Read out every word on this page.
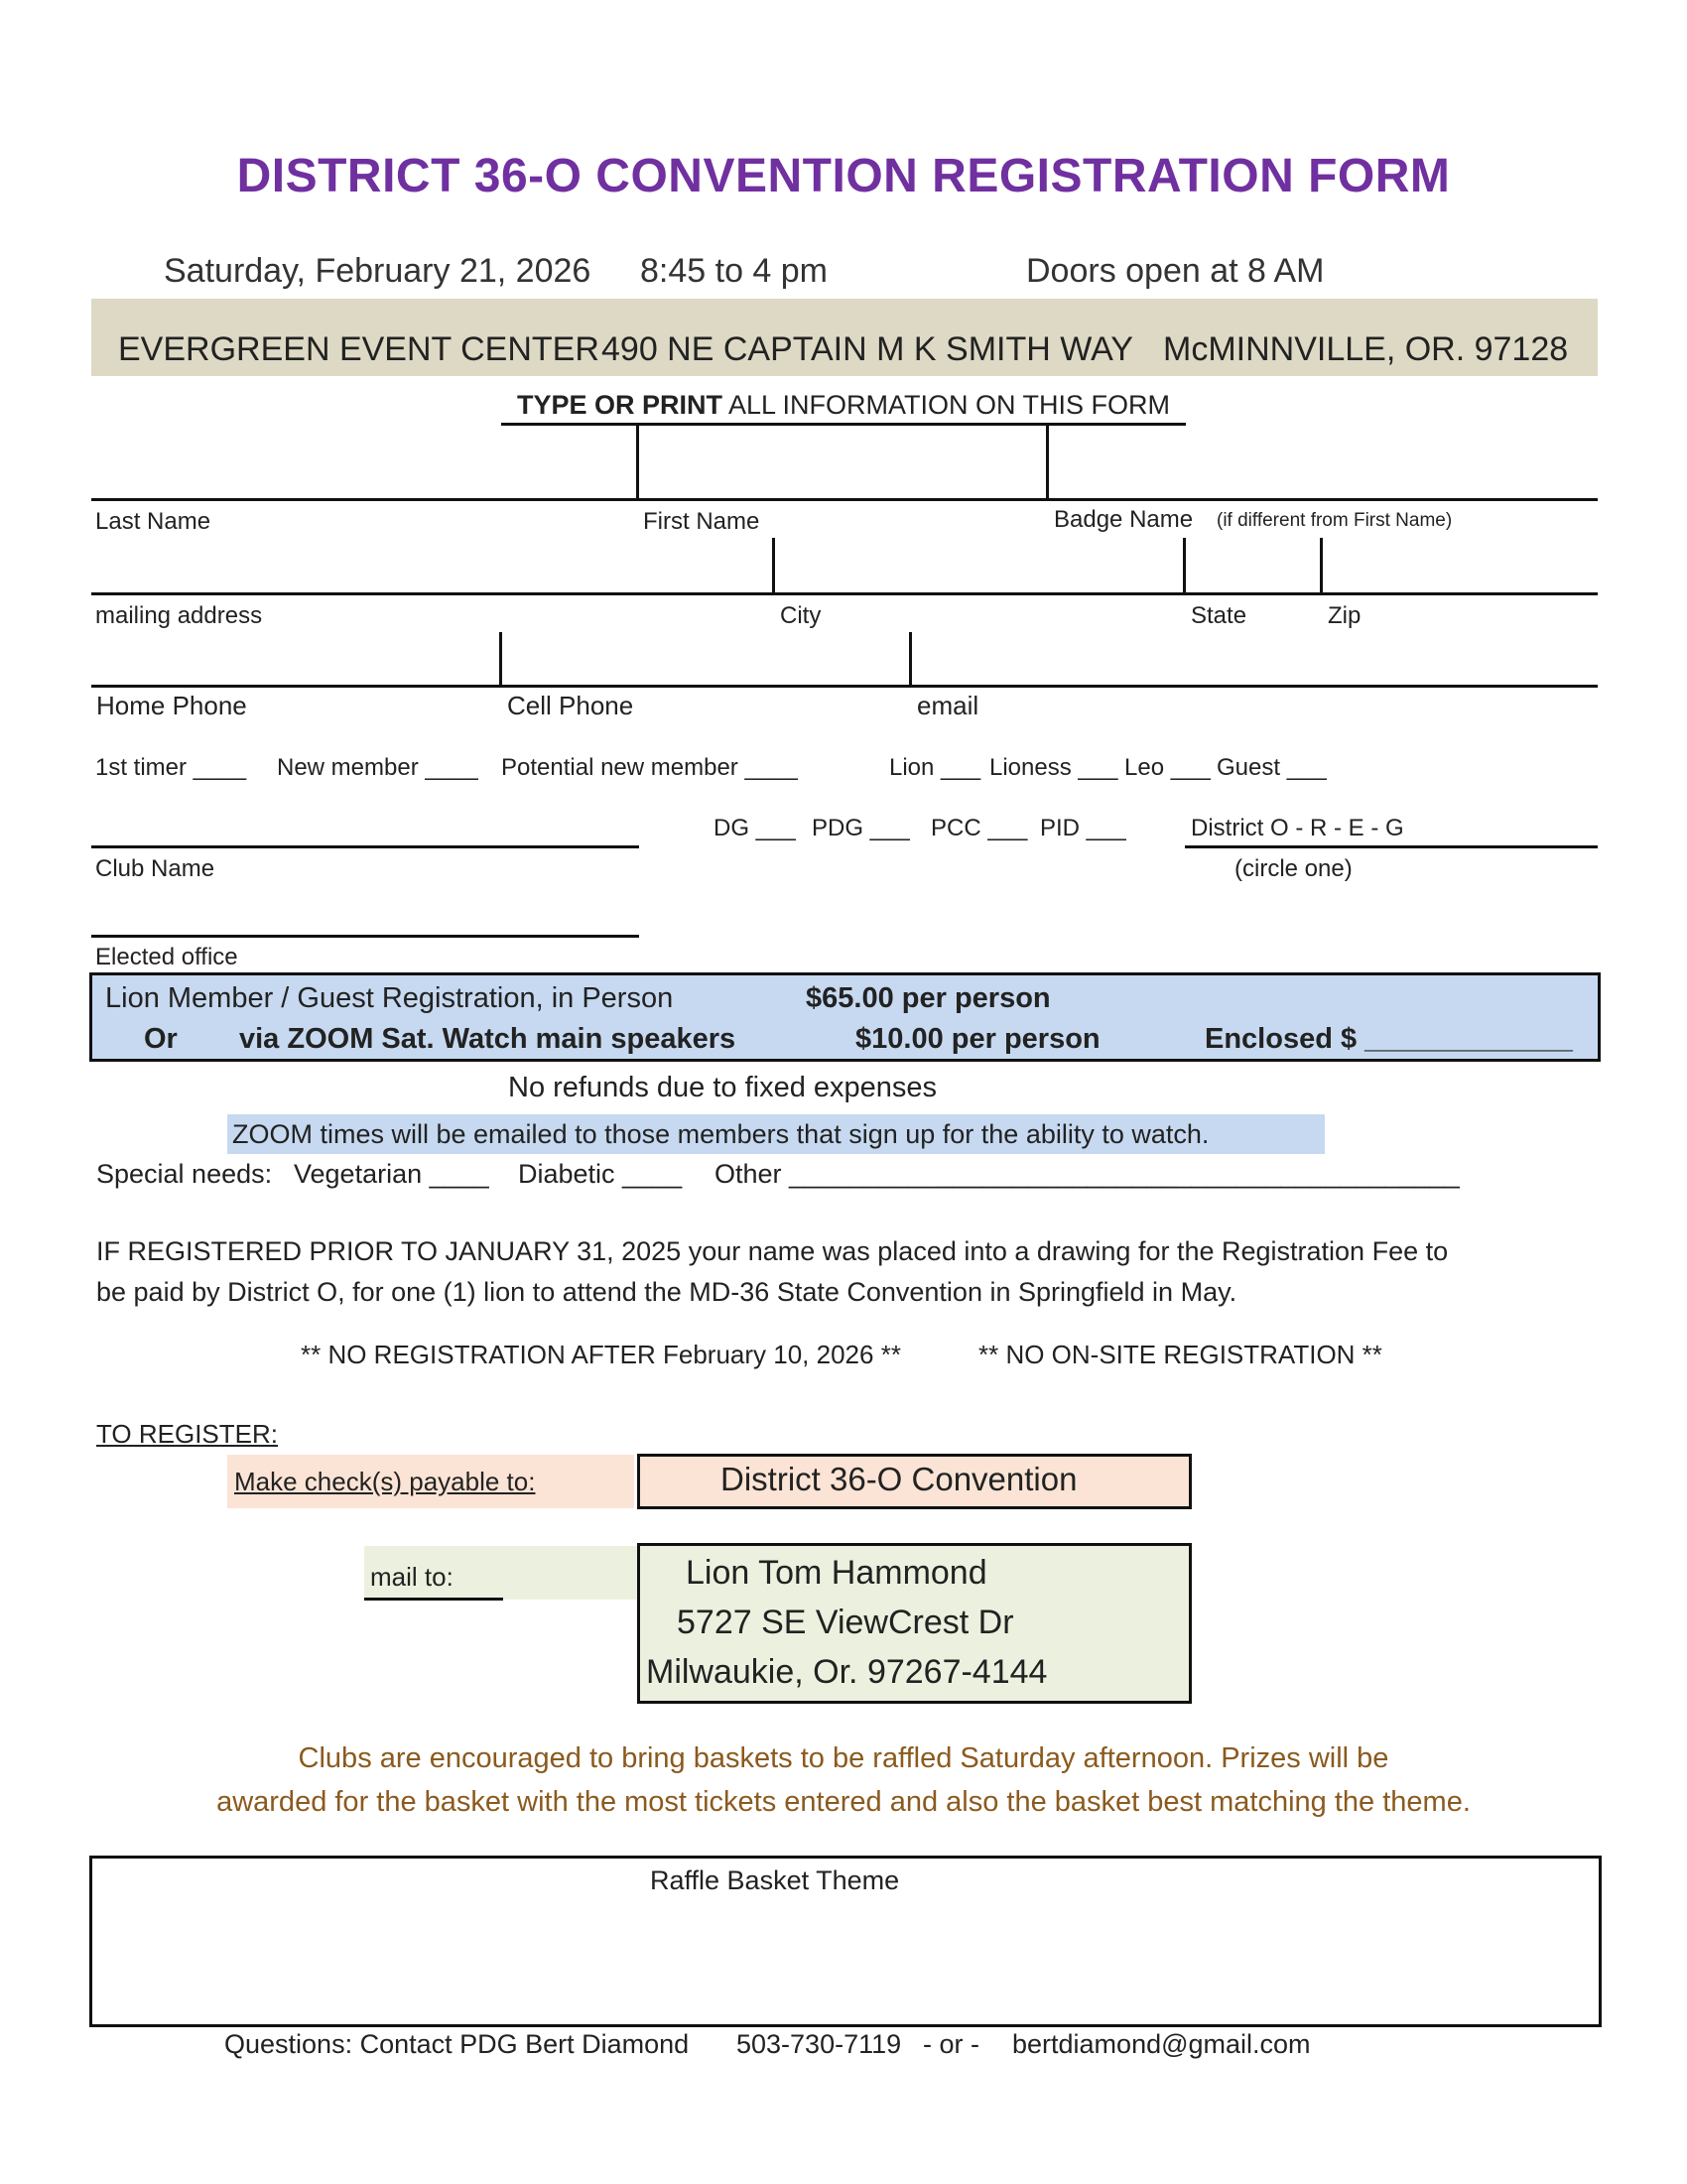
DISTRICT 36-O CONVENTION REGISTRATION FORM
Saturday, February 21, 2026 8:45 to 4 pm	Doors open at 8 AM
EVERGREEN EVENT CENTER 490 NE CAPTAIN M K SMITH WAY McMINNVILLE, OR. 97128
TYPE OR PRINT ALL INFORMATION ON THIS FORM
Last Name	First Name	Badge Name (if different from First Name)
mailing address	City	State	Zip
Home Phone	Cell Phone	email
1st timer ____ New member ____ Potential new member ____	Lion ___ Lioness ___ Leo ___ Guest ___
DG ___ PDG ___ PCC ___ PID ___	District O - R - E - G
(circle one)
Club Name
Elected office
Lion Member / Guest Registration, in Person	$65.00 per person
Or via ZOOM Sat. Watch main speakers	$10.00 per person	Enclosed $ _____________
No refunds due to fixed expenses
ZOOM times will be emailed to those members that sign up for the ability to watch.
Special needs: Vegetarian ____ Diabetic ____ Other _____________________________________________
IF REGISTERED PRIOR TO JANUARY 31, 2025 your name was placed into a drawing for the Registration Fee to
be paid by District O, for one (1) lion to attend the MD-36 State Convention in Springfield in May.
** NO REGISTRATION AFTER February 10, 2026 **	** NO ON-SITE REGISTRATION **
TO REGISTER:
Make check(s) payable to:	District 36-O Convention
mail to:	Lion Tom Hammond
5727 SE ViewCrest Dr
Milwaukie, Or. 97267-4144
Clubs are encouraged to bring baskets to be raffled Saturday afternoon. Prizes will be
awarded for the basket with the most tickets entered and also the basket best matching the theme.
Raffle Basket Theme
Questions: Contact PDG Bert Diamond 503-730-7119 - or - bertdiamond@gmail.com
